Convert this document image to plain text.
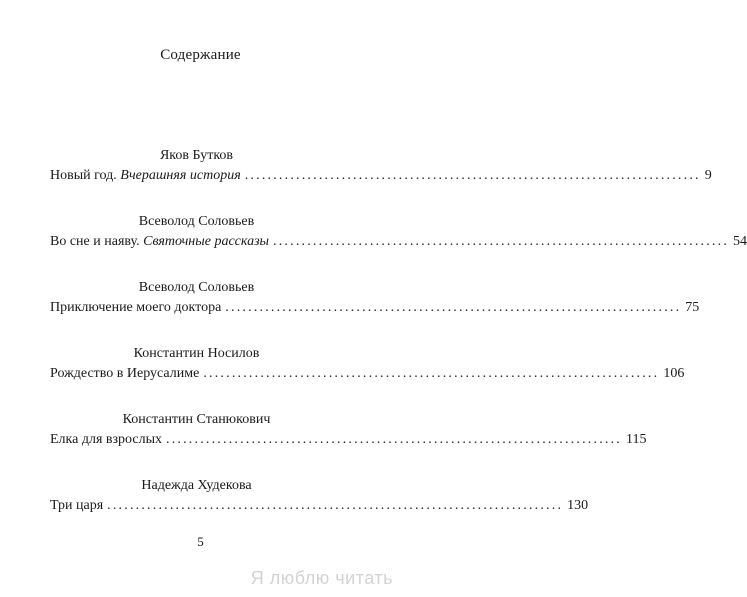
Содержание
Яков Бутков
Новый год. Вчерашняя история ................................................................................ 9
Всеволод Соловьев
Во сне и наяву. Святочные рассказы ................................................................................ 54
Всеволод Соловьев
Приключение моего доктора ................................................................................ 75
Константин Носилов
Рождество в Иерусалиме ................................................................................ 106
Константин Станюкович
Елка для взрослых ................................................................................ 115
Надежда Худекова
Три царя ................................................................................ 130
5
Я люблю читать
